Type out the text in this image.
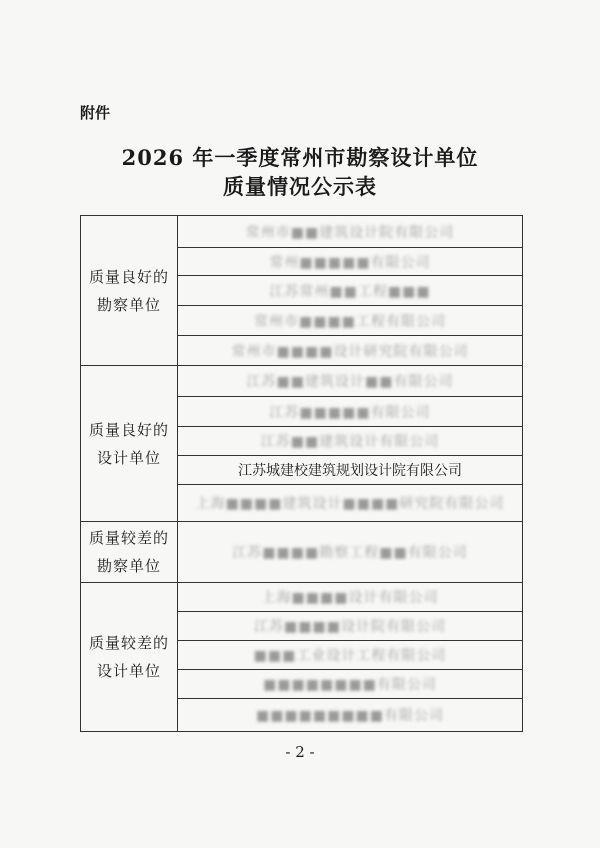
附件
2026 年一季度常州市勘察设计单位
质量情况公示表
质量良好的
勘察单位	常州市■■建筑设计院有限公司
	常州■■■■■有限公司
	江苏常州■■工程■■■
	常州市■■■■工程有限公司
	常州市■■■■设计研究院有限公司

质量良好的
设计单位	江苏■■建筑设计■■有限公司
	江苏■■■■■有限公司
	江苏■■建筑设计有限公司
	江苏城建校建筑规划设计院有限公司
	上海■■■■建筑设计■■■■研究院有限公司

质量较差的
勘察单位	江苏■■■■勘察工程■■有限公司

质量较差的
设计单位	上海■■■■设计有限公司
	江苏■■■■设计院有限公司
	■■■工业设计工程有限公司
	■■■■■■■■有限公司
	■■■■■■■■■有限公司
- 2 -
